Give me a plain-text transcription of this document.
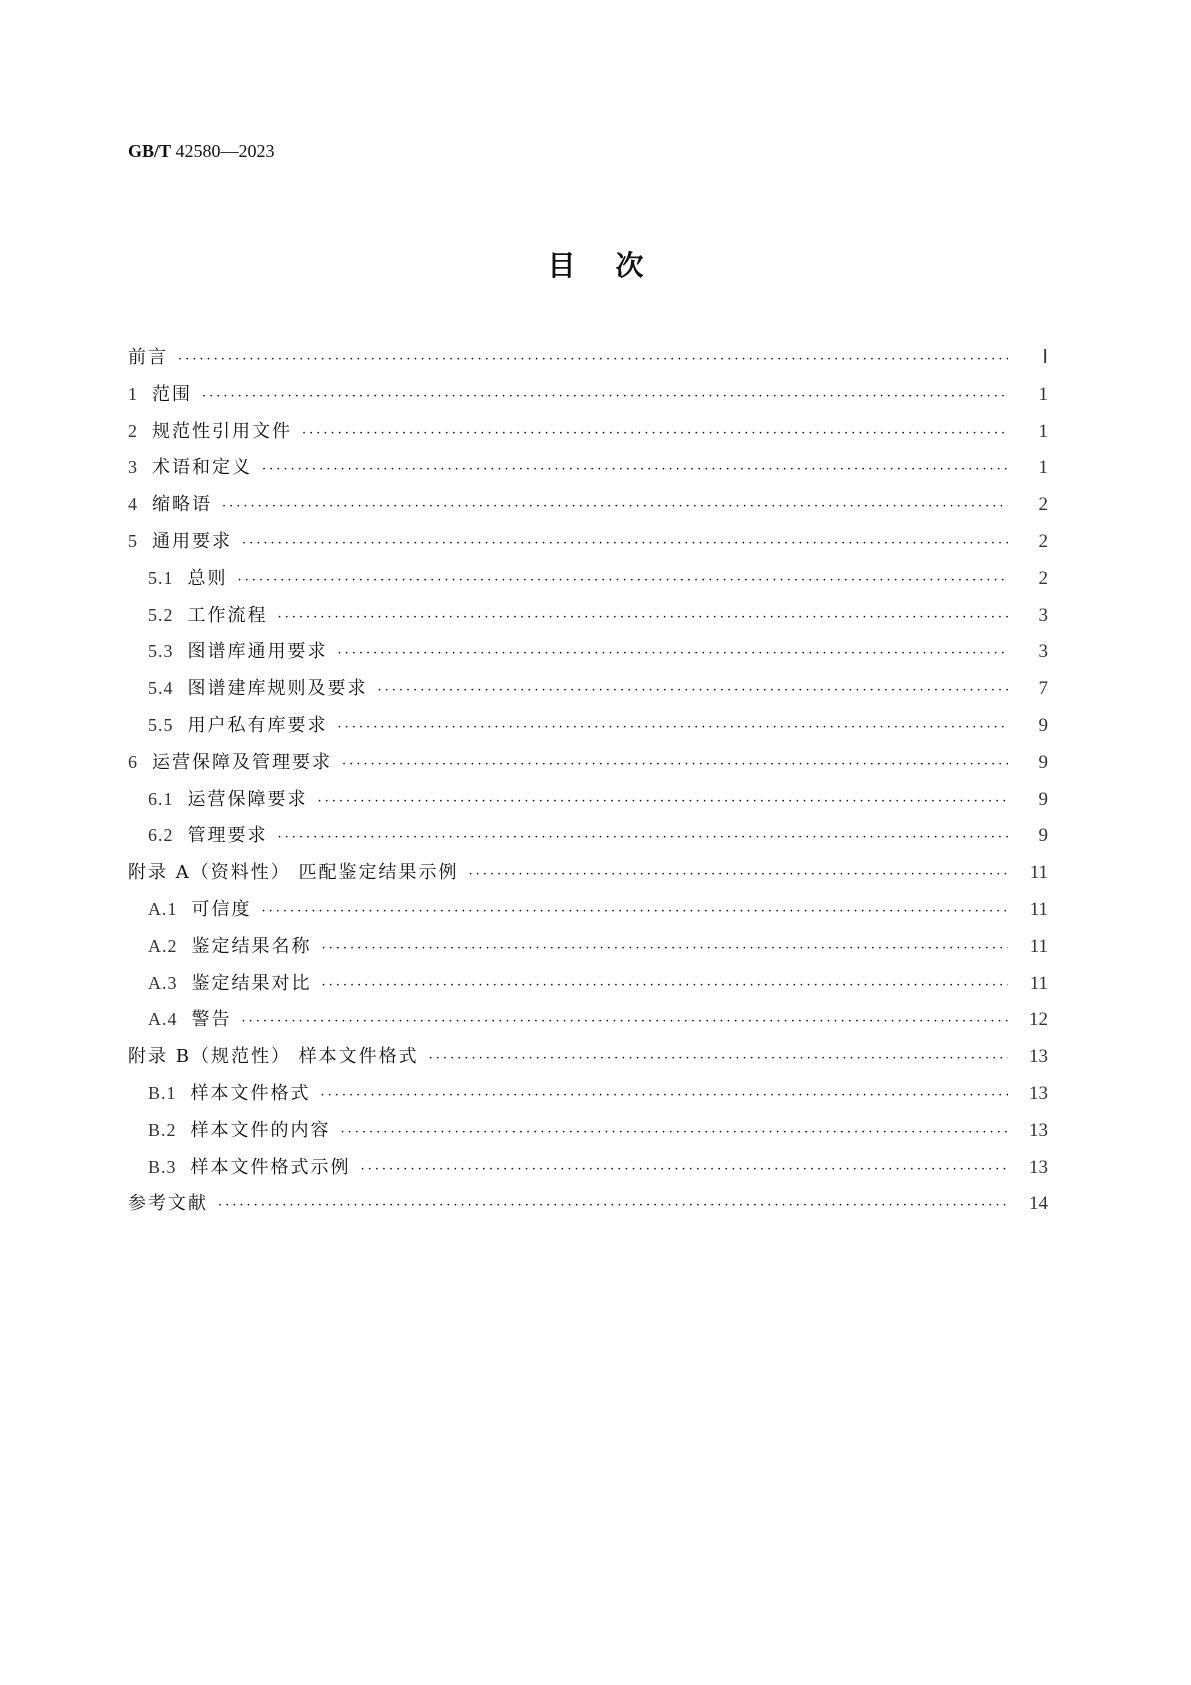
GB/T 42580—2023
目次
前言 ·····	Ⅰ
1 范围 ·····	1
2 规范性引用文件 ·····	1
3 术语和定义 ·····	1
4 缩略语 ·····	2
5 通用要求 ·····	2
5.1 总则 ·····	2
5.2 工作流程 ·····	3
5.3 图谱库通用要求 ·····	3
5.4 图谱建库规则及要求 ·····	7
5.5 用户私有库要求 ·····	9
6 运营保障及管理要求 ·····	9
6.1 运营保障要求 ·····	9
6.2 管理要求 ·····	9
附录 A（资料性） 匹配鉴定结果示例 ·····	11
A.1 可信度 ·····	11
A.2 鉴定结果名称 ·····	11
A.3 鉴定结果对比 ·····	11
A.4 警告 ·····	12
附录 B（规范性） 样本文件格式 ·····	13
B.1 样本文件格式 ·····	13
B.2 样本文件的内容 ·····	13
B.3 样本文件格式示例 ·····	13
参考文献 ·····	14
